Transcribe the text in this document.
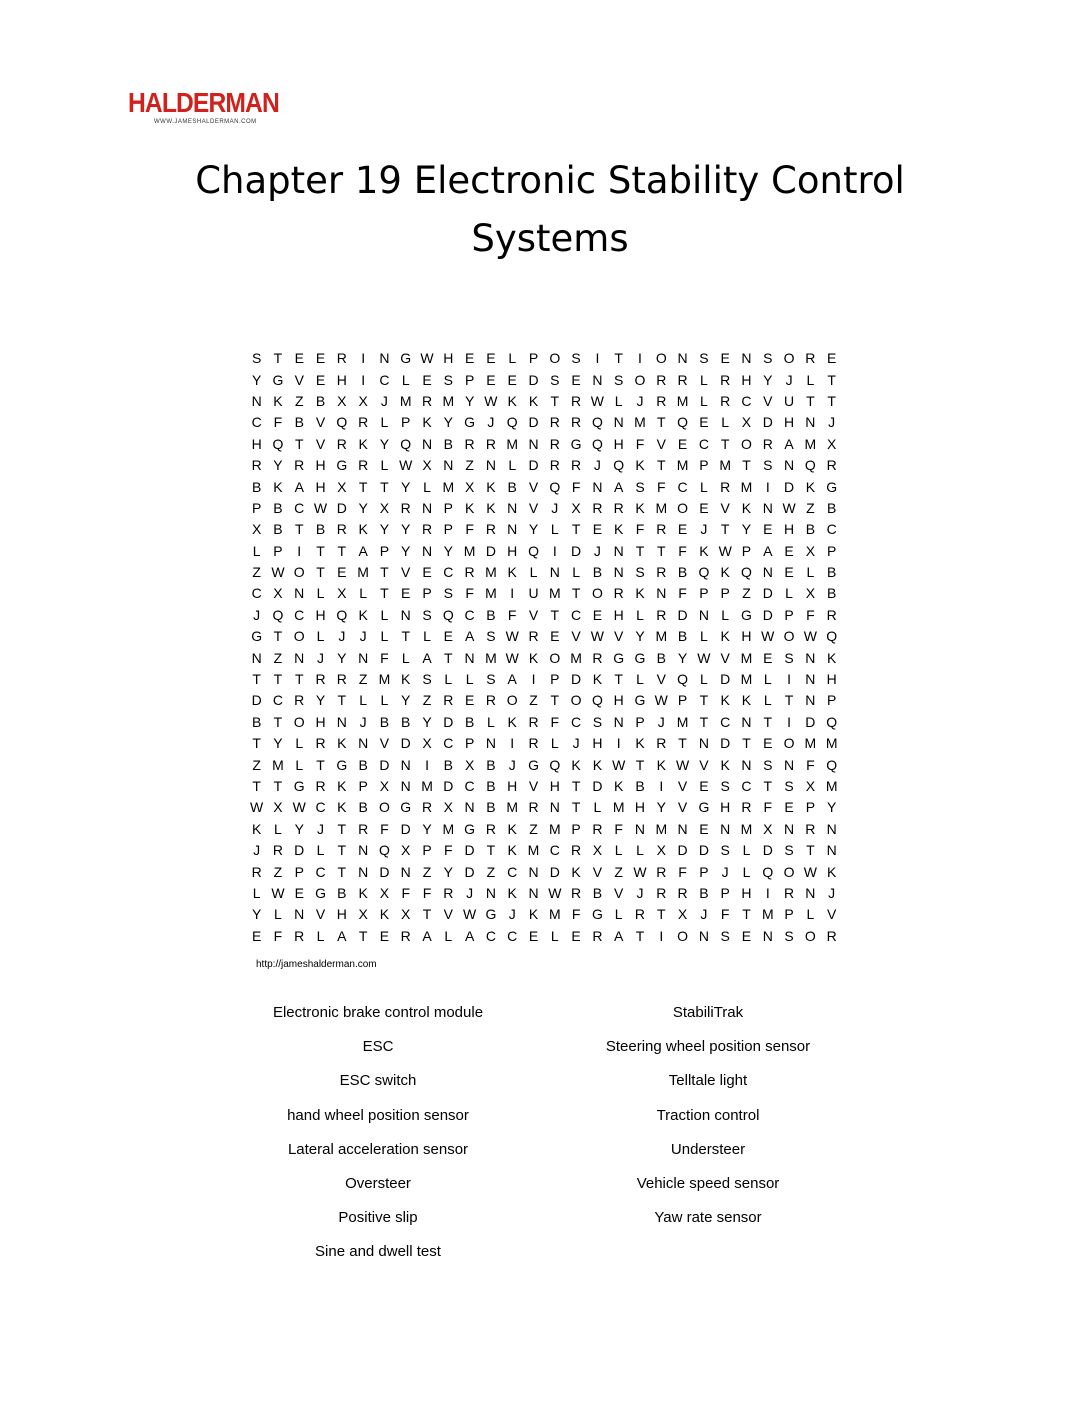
HALDERMAN
WWW.JAMESHALDERMAN.COM
Chapter 19 Electronic Stability Control Systems
S T E E R	I	N G W H E E L P O S	I	T	I O N S E N S O R E
Y G V E H	I	C L E S P E E D S E N S O R R L R H Y J L T
N K Z B X X J M R M Y W K K T R W L J R M L R C V U T T
C F B V Q R L P K Y G J Q D R R Q N M T Q E L X D H N J
H Q T V R K Y Q N B R R M N R G Q H F V E C T O R A M X
R Y R H G R L W X N Z N L D R R J Q K T M P M T S N Q R
B K A H X T T Y L M X K B V Q F N A S F C L R M I	D K G
P B C W D Y X R N P K K N V J X R R K M O E V K N W Z B
X B T B R K Y Y R P F R N Y L T E K F R E J T Y E H B C
L P	I	T T A P Y N Y M D H Q I	D J N T T F K W P A E X P
Z W O T E M T V E C R M K L N L B N S R B Q K Q N E L B
C X N L X L T E P S F M I	U M T O R K N F P P Z D L X B
J Q C H Q K L N S Q C B F V T C E H L R D N L G D P F R
G T O L J	J L T L E A S W R E V W V Y M B L K H W O W Q
N Z N J Y N F L A T N M W K O M R G G B Y W V M E S N K
T T T R R Z M K S L L S A	I	P D K T L V Q L D M L	I	N H
D C R Y T L L Y Z R E R O Z T O Q H G W P T K K L T N P
B T O H N J B B Y D B L K R F C S N P J M T C N T	I	D Q
T Y L R K N V D X C P N	I	R L J H	I	K R T N D T E O M M
Z M L T G B D N	I	B X B J G Q K K W T K W V K N S N F Q
T T G R K P X N M D C B H V H T D K B	I	V E S C T S X M
W X W C K B O G R X N B M R N T L M H Y V G H R F E P Y
K L Y J T R F D Y M G R K Z M P R F N M N E N M X N R N
J R D L T N Q X P F D T K M C R X L L X D D S L D S T N
R Z P C T N D N Z Y D Z C N D K V Z W R F P J L Q O W K
L W E G B K X F F R J N K N W R B V J R R B P H	I	R N J
Y L N V H X K X T V W G J K M F G L R T X J F T M P L V
E F R L A T E R A L A C C E L E R A T	I O N S E N S O R
http://jameshalderman.com
Electronic brake control module
ESC
ESC switch
hand wheel position sensor
Lateral acceleration sensor
Oversteer
Positive slip
Sine and dwell test
StabiliTrak
Steering wheel position sensor
Telltale light
Traction control
Understeer
Vehicle speed sensor
Yaw rate sensor
